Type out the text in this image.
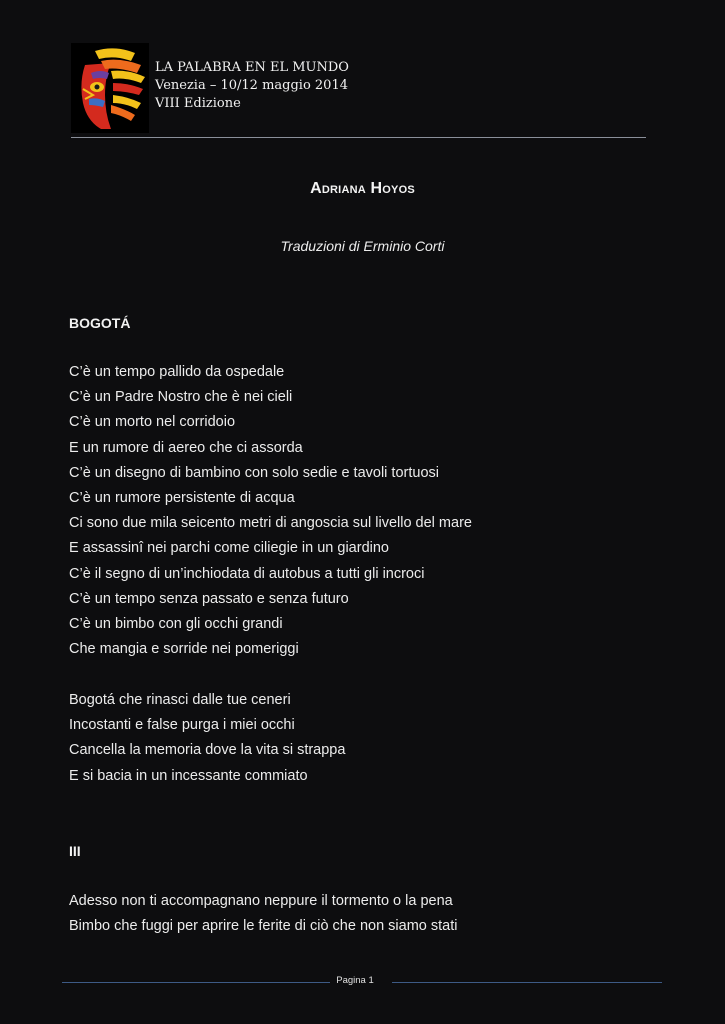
LA PALABRA EN EL MUNDO
Venezia – 10/12 maggio 2014
VIII Edizione
Adriana Hoyos
Traduzioni di Erminio Corti
BOGOTÁ
C’è un tempo pallido da ospedale
C’è un Padre Nostro che è nei cieli
C’è un morto nel corridoio
E un rumore di aereo che ci assorda
C’è un disegno di bambino con solo sedie e tavoli tortuosi
C’è un rumore persistente di acqua
Ci sono due mila seicento metri di angoscia sul livello del mare
E assassinî nei parchi come ciliegie in un giardino
C’è il segno di un’inchiodata di autobus a tutti gli incroci
C’è un tempo senza passato e senza futuro
C’è un bimbo con gli occhi grandi
Che mangia e sorride nei pomeriggi
Bogotá che rinasci dalle tue ceneri
Incostanti e false purga i miei occhi
Cancella la memoria dove la vita si strappa
E si bacia in un incessante commiato
III
Adesso non ti accompagnano neppure il tormento o la pena
Bimbo che fuggi per aprire le ferite di ciò che non siamo stati
Pagina 1
